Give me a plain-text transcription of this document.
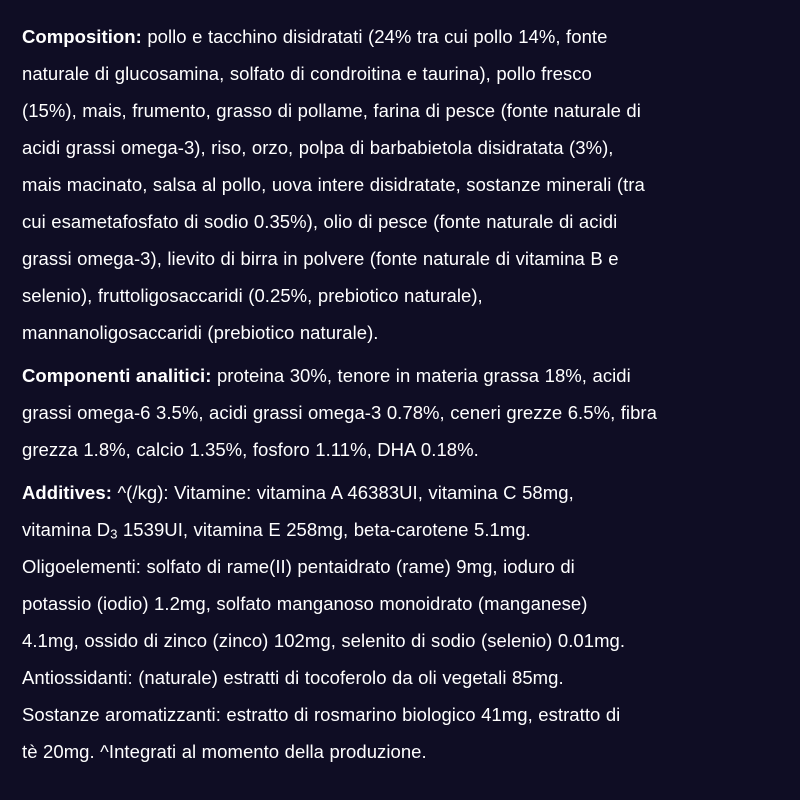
Composition: pollo e tacchino disidratati (24% tra cui pollo 14%, fonte
naturale di glucosamina, solfato di condroitina e taurina), pollo fresco
(15%), mais, frumento, grasso di pollame, farina di pesce (fonte naturale di
acidi grassi omega-3), riso, orzo, polpa di barbabietola disidratata (3%),
mais macinato, salsa al pollo, uova intere disidratate, sostanze minerali (tra
cui esametafosfato di sodio 0.35%), olio di pesce (fonte naturale di acidi
grassi omega-3), lievito di birra in polvere (fonte naturale di vitamina B e
selenio), fruttoligosaccaridi (0.25%, prebiotico naturale),
mannanoligosaccaridi (prebiotico naturale).
Componenti analitici: proteina 30%, tenore in materia grassa 18%, acidi
grassi omega-6 3.5%, acidi grassi omega-3 0.78%, ceneri grezze 6.5%, fibra
grezza 1.8%, calcio 1.35%, fosforo 1.11%, DHA 0.18%.
Additives: ^(/kg): Vitamine: vitamina A 46383UI, vitamina C 58mg,
vitamina $D_3$ 1539UI, vitamina E 258mg, beta-carotene 5.1mg.
Oligoelementi: solfato di rame(II) pentaidrato (rame) 9mg, ioduro di
potassio (iodio) 1.2mg, solfato manganoso monoidrato (manganese)
4.1mg, ossido di zinco (zinco) 102mg, selenito di sodio (selenio) 0.01mg.
Antiossidanti: (naturale) estratti di tocoferolo da oli vegetali 85mg.
Sostanze aromatizzanti: estratto di rosmarino biologico 41mg, estratto di
tè 20mg. ^Integrati al momento della produzione.
